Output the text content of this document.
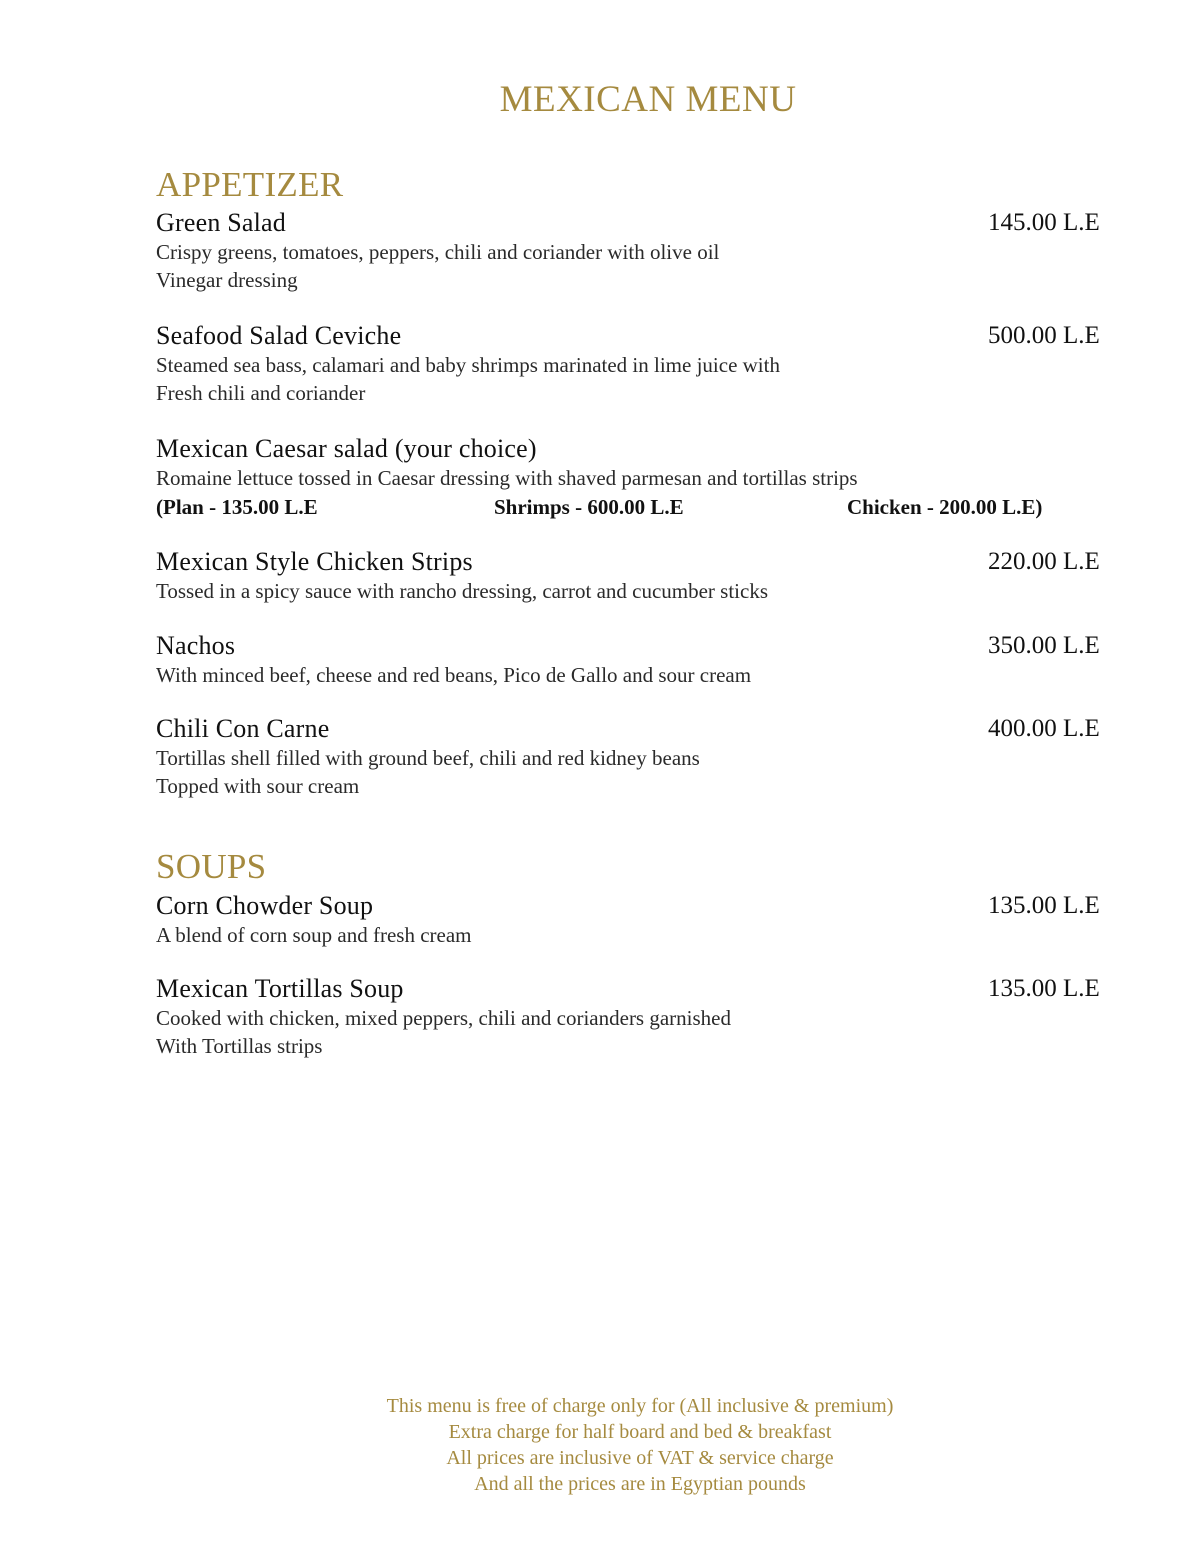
MEXICAN MENU
APPETIZER
Green Salad	145.00 L.E
Crispy greens, tomatoes, peppers, chili and coriander with olive oil
Vinegar dressing
Seafood Salad Ceviche	500.00 L.E
Steamed sea bass, calamari and baby shrimps marinated in lime juice with
Fresh chili and coriander
Mexican Caesar salad (your choice)
Romaine lettuce tossed in Caesar dressing with shaved parmesan and tortillas strips
(Plan - 135.00 L.E	Shrimps - 600.00 L.E	Chicken - 200.00 L.E)
Mexican Style Chicken Strips	220.00 L.E
Tossed in a spicy sauce with rancho dressing, carrot and cucumber sticks
Nachos	350.00 L.E
With minced beef, cheese and red beans, Pico de Gallo and sour cream
Chili Con Carne	400.00 L.E
Tortillas shell filled with ground beef, chili and red kidney beans
Topped with sour cream
SOUPS
Corn Chowder Soup	135.00 L.E
A blend of corn soup and fresh cream
Mexican Tortillas Soup	135.00 L.E
Cooked with chicken, mixed peppers, chili and corianders garnished
With Tortillas strips
This menu is free of charge only for (All inclusive & premium)
Extra charge for half board and bed & breakfast
All prices are inclusive of VAT & service charge
And all the prices are in Egyptian pounds
